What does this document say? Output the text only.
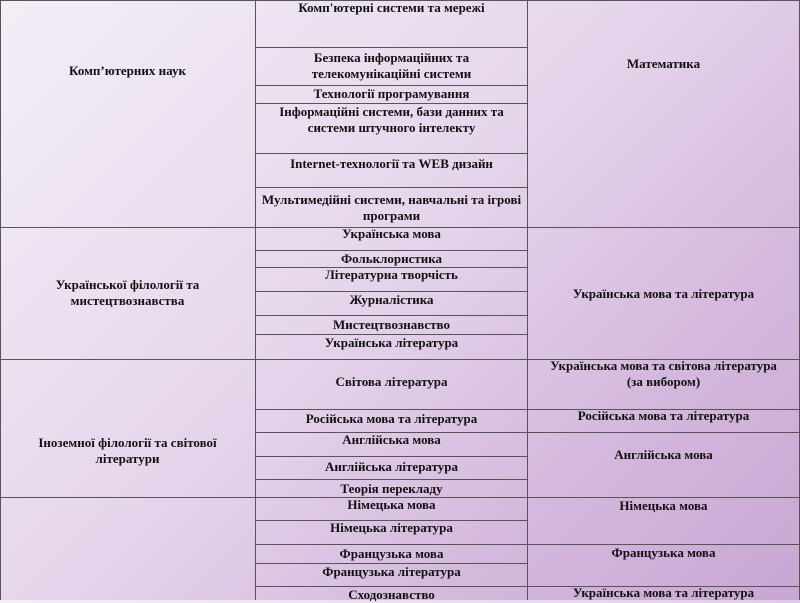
Комп’ютерних наук
Української філології та мистецтвознавства
Іноземної філології та світової літератури
Комп'ютерні системи та мережі
Безпека інформаційних та телекомунікаційні системи
Технології програмування
Інформаційні системи, бази данних та системи штучного інтелекту
Internet-технології та WEB дизайн
Мультимедійні системи, навчальні та ігрові програми
Українська мова
Фольклористика
Літературна творчість
Журналістика
Мистецтвознавство
Українська література
Світова література
Російська мова та література
Англійська мова
Англійська література
Теорія перекладу
Німецька мова
Німецька література
Французька мова
Французька література
Сходознавство
Математика
Українська мова та література
Українська мова та світова література (за вибором)
Російська мова та література
Англійська мова
Німецька мова
Французька мова
Українська мова та література
